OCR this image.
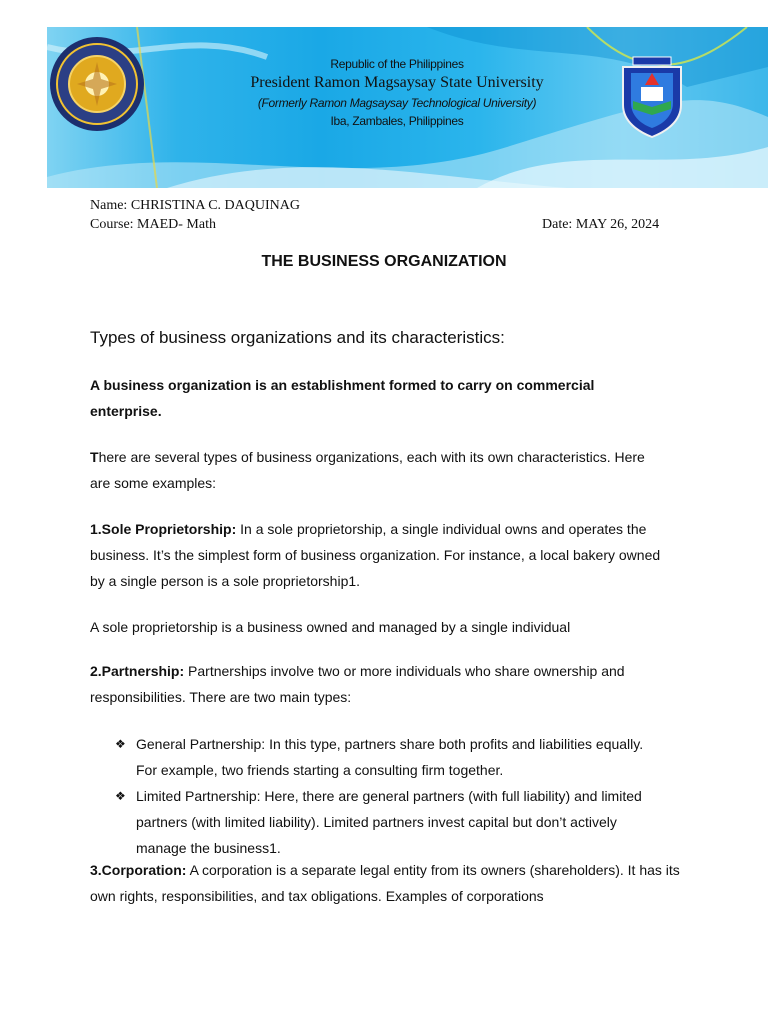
Republic of the Philippines
President Ramon Magsaysay State University
(Formerly Ramon Magsaysay Technological University)
Iba, Zambales, Philippines
Name: CHRISTINA C. DAQUINAG
Course: MAED- Math	Date: MAY 26, 2024
THE BUSINESS ORGANIZATION
Types of business organizations and its characteristics:
A business organization is an establishment formed to carry on commercial enterprise.
There are several types of business organizations, each with its own characteristics. Here are some examples:
1.Sole Proprietorship: In a sole proprietorship, a single individual owns and operates the business. It’s the simplest form of business organization. For instance, a local bakery owned by a single person is a sole proprietorship1.
A sole proprietorship is a business owned and managed by a single individual
2.Partnership: Partnerships involve two or more individuals who share ownership and responsibilities. There are two main types:
❖ General Partnership: In this type, partners share both profits and liabilities equally. For example, two friends starting a consulting firm together.
❖ Limited Partnership: Here, there are general partners (with full liability) and limited partners (with limited liability). Limited partners invest capital but don’t actively manage the business1.
3.Corporation: A corporation is a separate legal entity from its owners (shareholders). It has its own rights, responsibilities, and tax obligations. Examples of corporations
